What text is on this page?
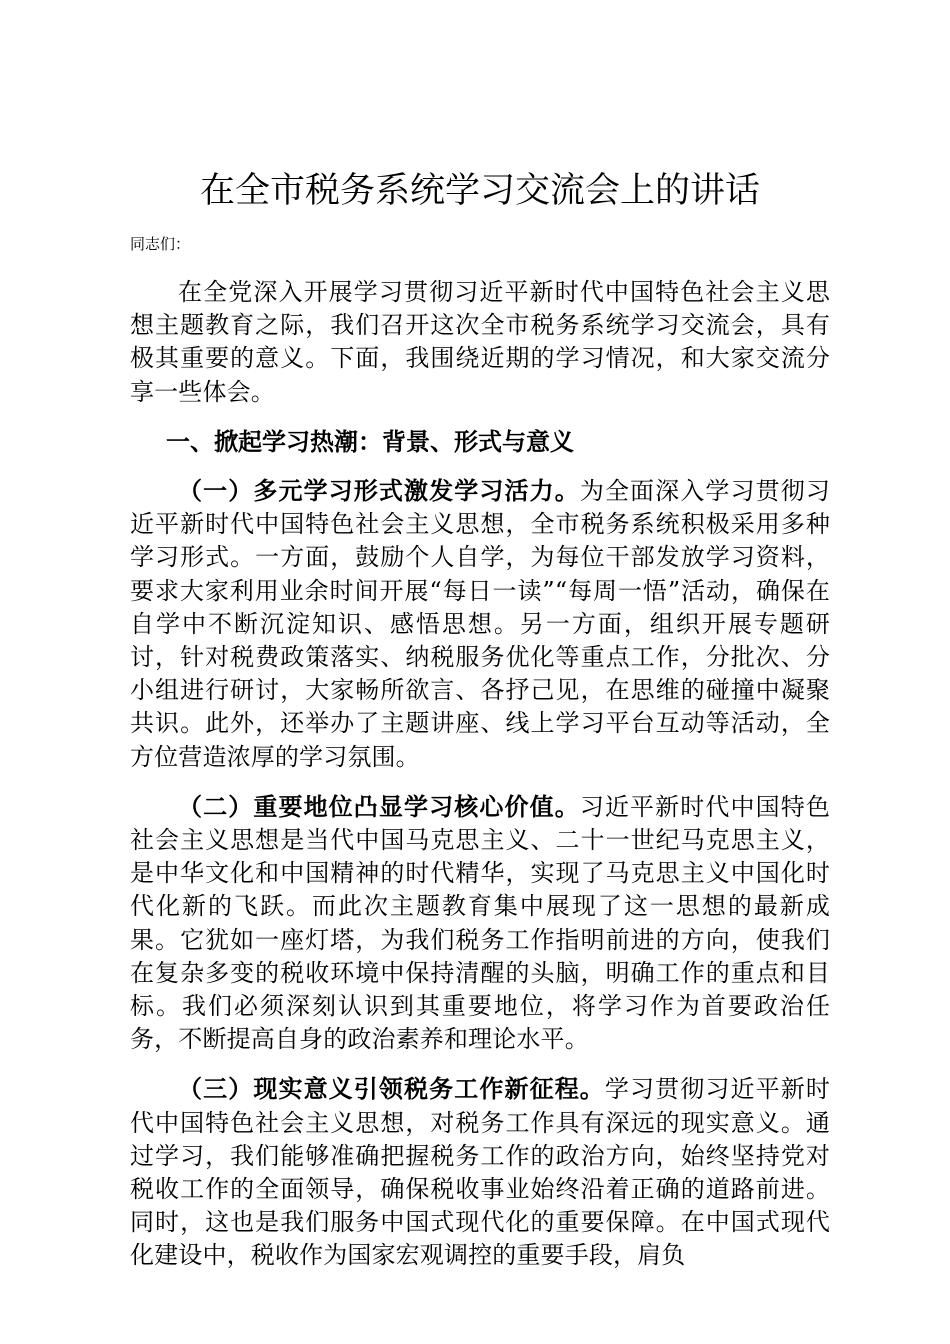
在全市税务系统学习交流会上的讲话

同志们：

在全党深入开展学习贯彻习近平新时代中国特色社会主义思想主题教育之际，我们召开这次全市税务系统学习交流会，具有极其重要的意义。下面，我围绕近期的学习情况，和大家交流分享一些体会。

一、掀起学习热潮：背景、形式与意义

（一）多元学习形式激发学习活力。为全面深入学习贯彻习近平新时代中国特色社会主义思想，全市税务系统积极采用多种学习形式。一方面，鼓励个人自学，为每位干部发放学习资料，要求大家利用业余时间开展“每日一读”“每周一悟”活动，确保在自学中不断沉淀知识、感悟思想。另一方面，组织开展专题研讨，针对税费政策落实、纳税服务优化等重点工作，分批次、分小组进行研讨，大家畅所欲言、各抒己见，在思维的碰撞中凝聚共识。此外，还举办了主题讲座、线上学习平台互动等活动，全方位营造浓厚的学习氛围。

（二）重要地位凸显学习核心价值。习近平新时代中国特色社会主义思想是当代中国马克思主义、二十一世纪马克思主义，是中华文化和中国精神的时代精华，实现了马克思主义中国化时代化新的飞跃。而此次主题教育集中展现了这一思想的最新成果。它犹如一座灯塔，为我们税务工作指明前进的方向，使我们在复杂多变的税收环境中保持清醒的头脑，明确工作的重点和目标。我们必须深刻认识到其重要地位，将学习作为首要政治任务，不断提高自身的政治素养和理论水平。

（三）现实意义引领税务工作新征程。学习贯彻习近平新时代中国特色社会主义思想，对税务工作具有深远的现实意义。通过学习，我们能够准确把握税务工作的政治方向，始终坚持党对税收工作的全面领导，确保税收事业始终沿着正确的道路前进。同时，这也是我们服务中国式现代化的重要保障。在中国式现代化建设中，税收作为国家宏观调控的重要手段，肩负
